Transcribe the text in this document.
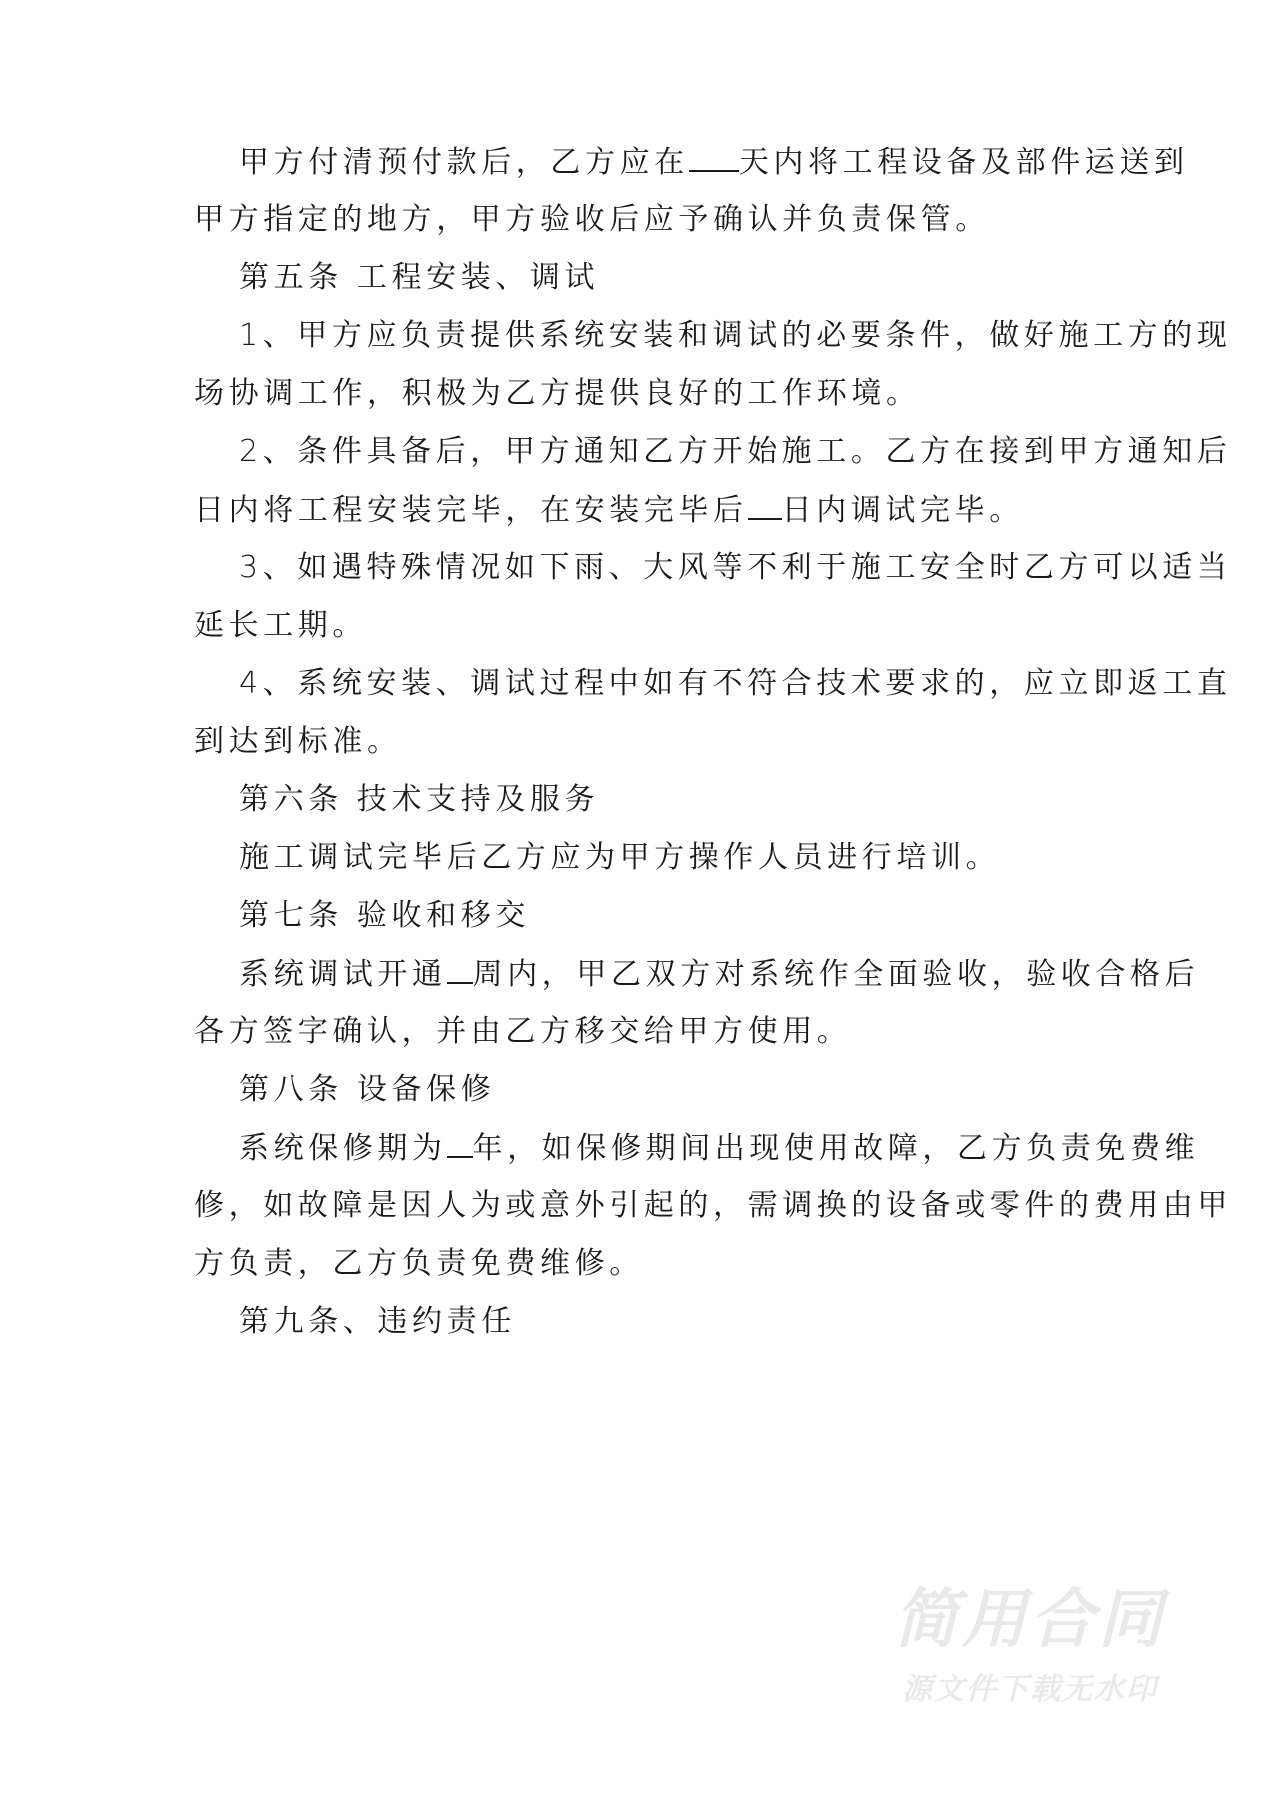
甲方付清预付款后，乙方应在 天内将工程设备及部件运送到
甲方指定的地方，甲方验收后应予确认并负责保管。
第五条 工程安装、调试
1、甲方应负责提供系统安装和调试的必要条件，做好施工方的现
场协调工作，积极为乙方提供良好的工作环境。
2、条件具备后，甲方通知乙方开始施工。乙方在接到甲方通知后
日内将工程安装完毕，在安装完毕后 日内调试完毕。
3、如遇特殊情况如下雨、大风等不利于施工安全时乙方可以适当
延长工期。
4、系统安装、调试过程中如有不符合技术要求的，应立即返工直
到达到标准。
第六条 技术支持及服务
施工调试完毕后乙方应为甲方操作人员进行培训。
第七条 验收和移交
系统调试开通 周内，甲乙双方对系统作全面验收，验收合格后
各方签字确认，并由乙方移交给甲方使用。
第八条 设备保修
系统保修期为 年，如保修期间出现使用故障，乙方负责免费维
修，如故障是因人为或意外引起的，需调换的设备或零件的费用由甲
方负责，乙方负责免费维修。
第九条、违约责任
简用合同
源文件下载无水印
